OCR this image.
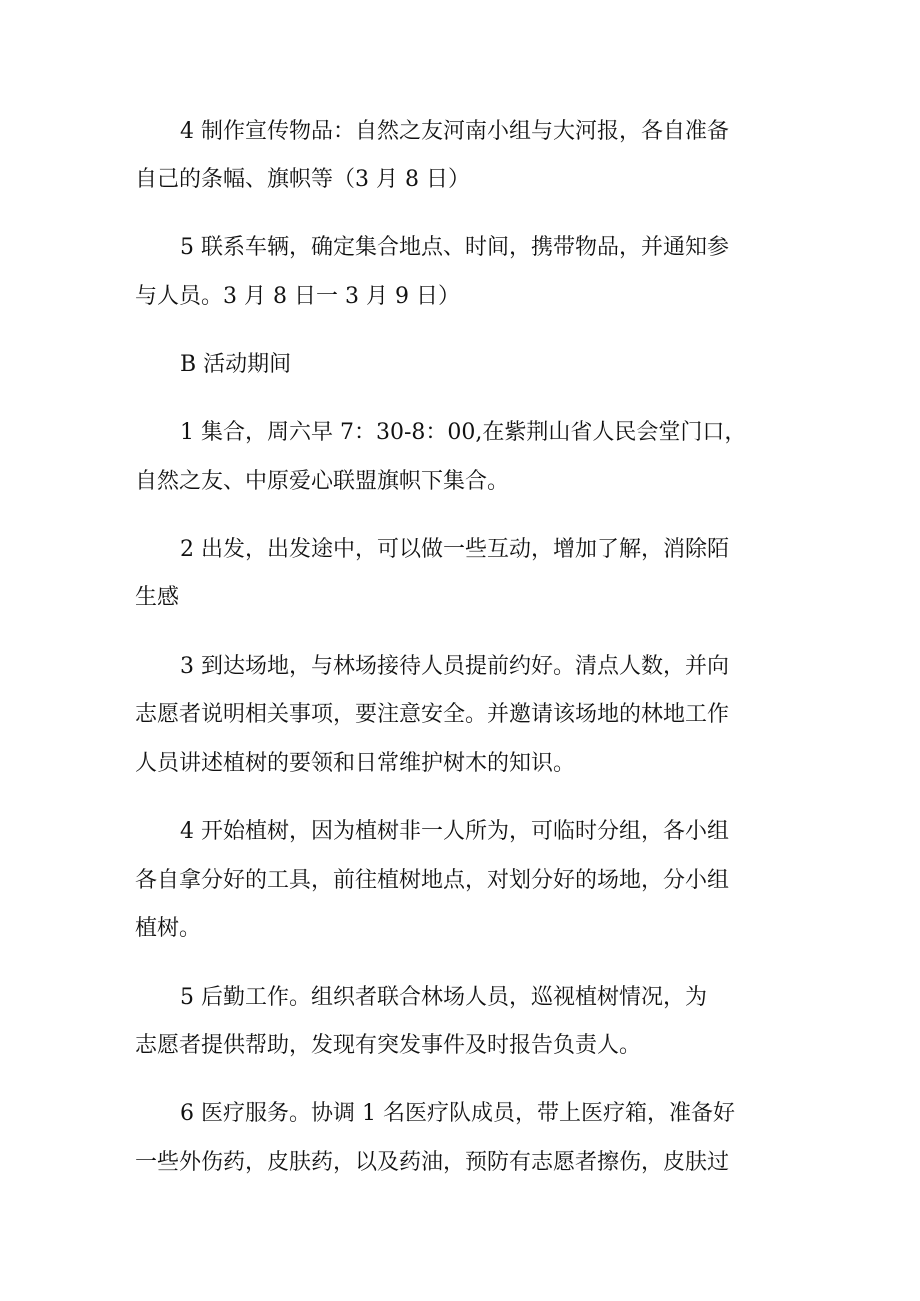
4 制作宣传物品：自然之友河南小组与大河报，各自准备
自己的条幅、旗帜等（3 月 8 日）
5 联系车辆，确定集合地点、时间，携带物品，并通知参
与人员。3 月 8 日一 3 月 9 日）
B 活动期间
1 集合，周六早 7：30-8：00,在紫荆山省人民会堂门口，
自然之友、中原爱心联盟旗帜下集合。
2 出发，出发途中，可以做一些互动，增加了解，消除陌
生感
3 到达场地，与林场接待人员提前约好。清点人数，并向
志愿者说明相关事项，要注意安全。并邀请该场地的林地工作
人员讲述植树的要领和日常维护树木的知识。
4 开始植树，因为植树非一人所为，可临时分组，各小组
各自拿分好的工具，前往植树地点，对划分好的场地，分小组
植树。
5 后勤工作。组织者联合林场人员，巡视植树情况，为
志愿者提供帮助，发现有突发事件及时报告负责人。
6 医疗服务。协调 1 名医疗队成员，带上医疗箱，准备好
一些外伤药，皮肤药，以及药油，预防有志愿者擦伤，皮肤过
